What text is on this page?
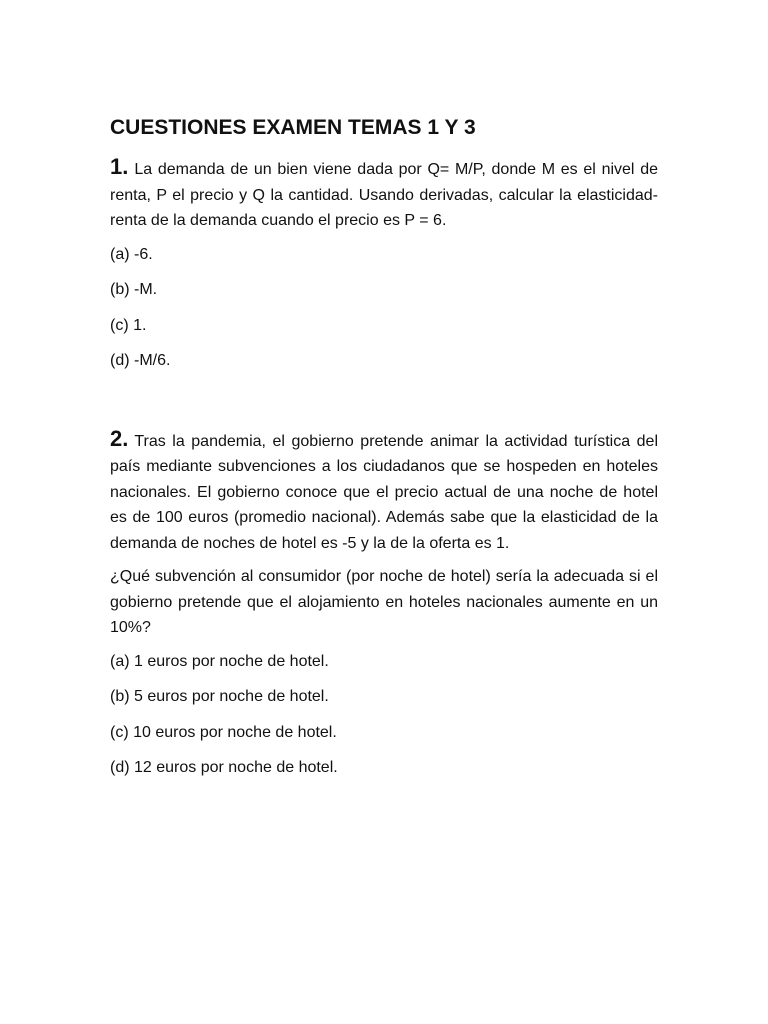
CUESTIONES EXAMEN TEMAS 1 Y 3

1. La demanda de un bien viene dada por Q= M/P, donde M es el nivel de renta, P el precio y Q la cantidad. Usando derivadas, calcular la elasticidad-renta de la demanda cuando el precio es P = 6.

(a) -6.

(b) -M.

(c) 1.

(d) -M/6.

2. Tras la pandemia, el gobierno pretende animar la actividad turística del país mediante subvenciones a los ciudadanos que se hospeden en hoteles nacionales. El gobierno conoce que el precio actual de una noche de hotel es de 100 euros (promedio nacional). Además sabe que la elasticidad de la demanda de noches de hotel es -5 y la de la oferta es 1.

¿Qué subvención al consumidor (por noche de hotel) sería la adecuada si el gobierno pretende que el alojamiento en hoteles nacionales aumente en un 10%?

(a) 1 euros por noche de hotel.

(b) 5 euros por noche de hotel.

(c) 10 euros por noche de hotel.

(d) 12 euros por noche de hotel.
